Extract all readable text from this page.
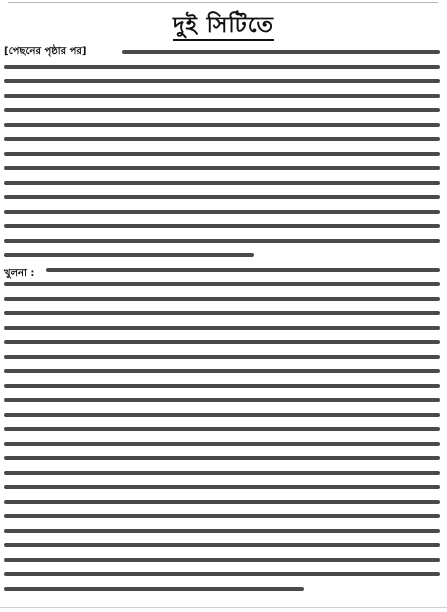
দুই সিটিতে
[পেছনের পৃষ্ঠার পর]
খুলনা :
